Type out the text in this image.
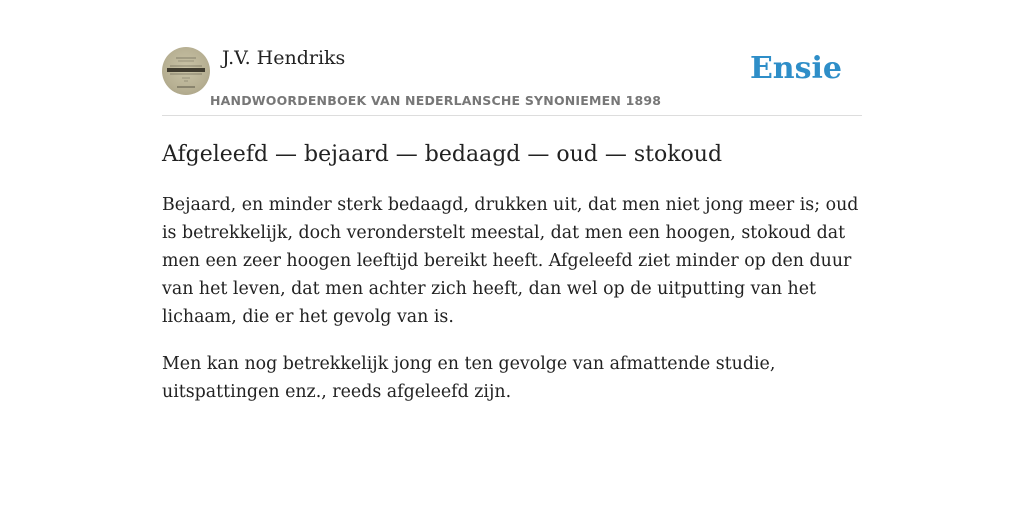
J.V. Hendriks
HANDWOORDENBOEK VAN NEDERLANSCHE SYNONIEMEN 1898
Ensie
Afgeleefd — bejaard — bedaagd — oud — stokoud

Bejaard, en minder sterk bedaagd, drukken uit, dat men niet jong meer is; oud is betrekkelijk, doch veronderstelt meestal, dat men een hoogen, stokoud dat men een zeer hoogen leeftijd bereikt heeft. Afgeleefd ziet minder op den duur van het leven, dat men achter zich heeft, dan wel op de uitputting van het lichaam, die er het gevolg van is.

Men kan nog betrekkelijk jong en ten gevolge van afmattende studie, uitspattingen enz., reeds afgeleefd zijn.
